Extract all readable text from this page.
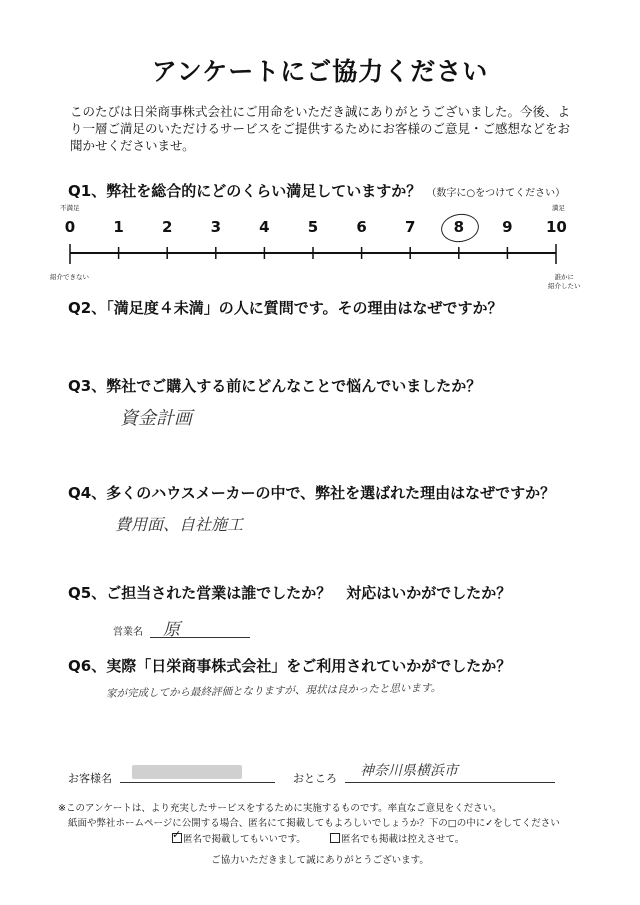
アンケートにご協力ください
このたびは日栄商事株式会社にご用命をいただき誠にありがとうございました。今後、より一層ご満足のいただけるサービスをご提供するためにお客様のご意見・ご感想などをお聞かせくださいませ。
Q1、弊社を総合的にどのくらい満足していますか？ （数字に○をつけてください）
不満足	満足
0	1	2	3	4	5	6	7	8	9	10
紹介できない	誰かに
紹介したい
Q2、「満足度４未満」の人に質問です。その理由はなぜですか？
Q3、弊社でご購入する前にどんなことで悩んでいましたか？
資金計画
Q4、多くのハウスメーカーの中で、弊社を選ばれた理由はなぜですか？
費用面、自社施工
Q5、ご担当された営業は誰でしたか？　対応はいかがでしたか？
営業名 原
Q6、実際「日栄商事株式会社」をご利用されていかがでしたか？
家が完成してから最終評価となりますが、現状は良かったと思います。
お客様名	おところ 神奈川県横浜市
※このアンケートは、より充実したサービスをするために実施するものです。率直なご意見をください。
紙面や弊社ホームページに公開する場合、匿名にて掲載してもよろしいでしょうか？下の□の中に✓をしてください
✓匿名で掲載してもいいです。	匿名でも掲載は控えさせて。
ご協力いただきまして誠にありがとうございます。
